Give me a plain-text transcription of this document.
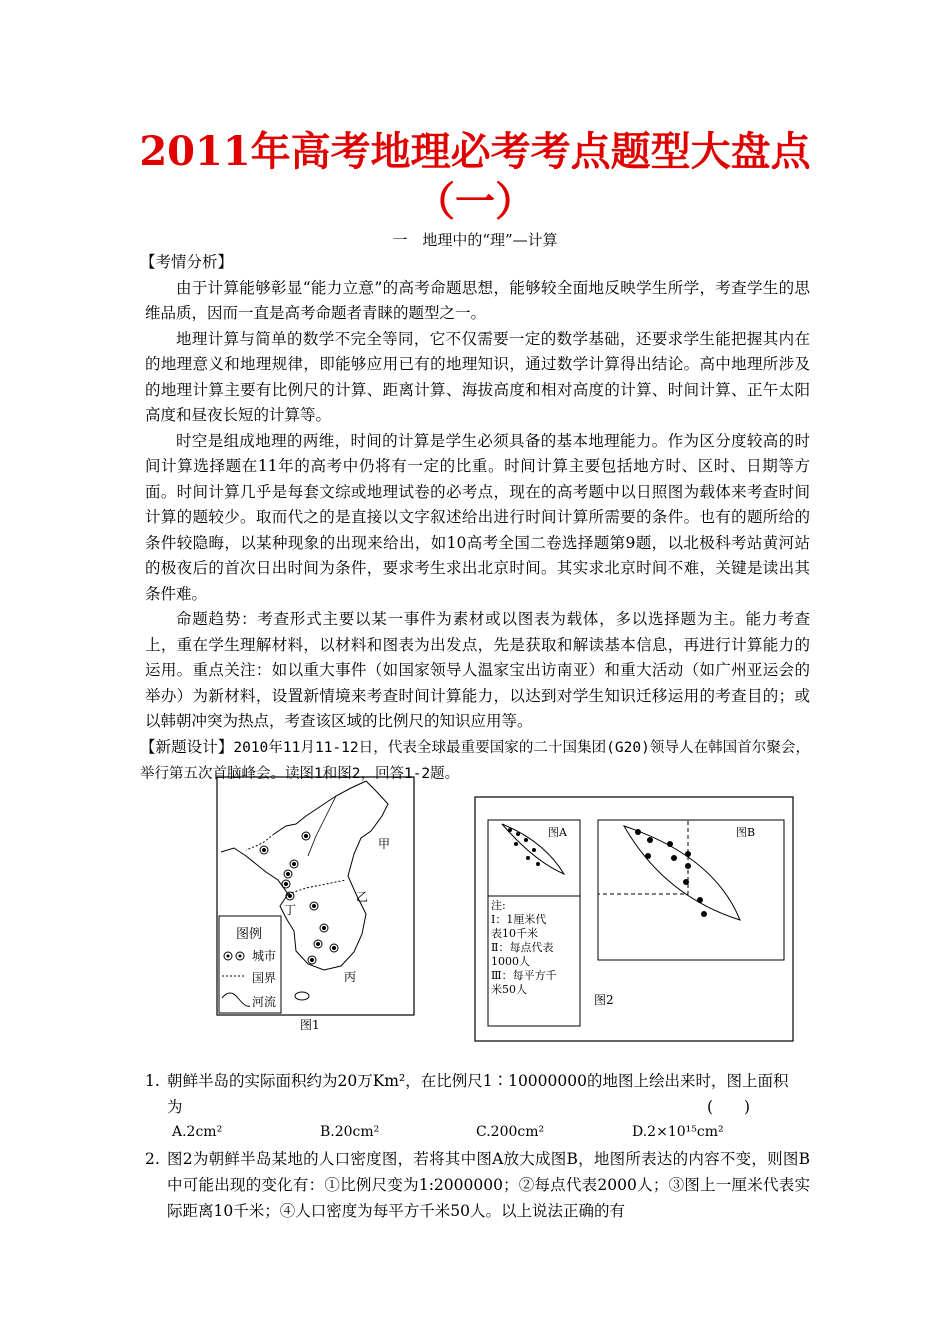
2011年高考地理必考考点题型大盘点
（一）
一　地理中的“理”—计算

【考情分析】

由于计算能够彰显“能力立意”的高考命题思想，能够较全面地反映学生所学，考查学生的思维品质，因而一直是高考命题者青睐的题型之一。

地理计算与简单的数学不完全等同，它不仅需要一定的数学基础，还要求学生能把握其内在的地理意义和地理规律，即能够应用已有的地理知识，通过数学计算得出结论。高中地理所涉及的地理计算主要有比例尺的计算、距离计算、海拔高度和相对高度的计算、时间计算、正午太阳高度和昼夜长短的计算等。

时空是组成地理的两维，时间的计算是学生必须具备的基本地理能力。作为区分度较高的时间计算选择题在11年的高考中仍将有一定的比重。时间计算主要包括地方时、区时、日期等方面。时间计算几乎是每套文综或地理试卷的必考点，现在的高考题中以日照图为载体来考查时间计算的题较少。取而代之的是直接以文字叙述给出进行时间计算所需要的条件。也有的题所给的条件较隐晦，以某种现象的出现来给出，如10高考全国二卷选择题第9题，以北极科考站黄河站的极夜后的首次日出时间为条件，要求考生求出北京时间。其实求北京时间不难，关键是读出其条件难。

命题趋势：考查形式主要以某一事件为素材或以图表为载体，多以选择题为主。能力考查上，重在学生理解材料，以材料和图表为出发点，先是获取和解读基本信息，再进行计算能力的运用。重点关注：如以重大事件（如国家领导人温家宝出访南亚）和重大活动（如广州亚运会的举办）为新材料，设置新情境来考查时间计算能力，以达到对学生知识迁移运用的考查目的；或以韩朝冲突为热点，考查该区域的比例尺的知识应用等。

【新题设计】2010年11月11-12日，代表全球最重要国家的二十国集团(G20)领导人在韩国首尔聚会，举行第五次首脑峰会。读图1和图2，回答1-2题。

甲
乙
丁
丙
图例
城市
国界
河流
图1
图A
注:
Ⅰ：1厘米代
表10千米
Ⅱ：每点代表
1000人
Ⅲ：每平方千
米50人
图B
图2
1. 朝鲜半岛的实际面积约为20万Km²，在比例尺1∶10000000的地图上绘出来时，图上面积
为	(　　)
A.2cm²	B.20cm²	C.200cm²	D.2×10¹⁵cm²
2. 图2为朝鲜半岛某地的人口密度图，若将其中图A放大成图B，地图所表达的内容不变，则图B中可能出现的变化有：①比例尺变为1:2000000；②每点代表2000人；③图上一厘米代表实际距离10千米；④人口密度为每平方千米50人。以上说法正确的有
